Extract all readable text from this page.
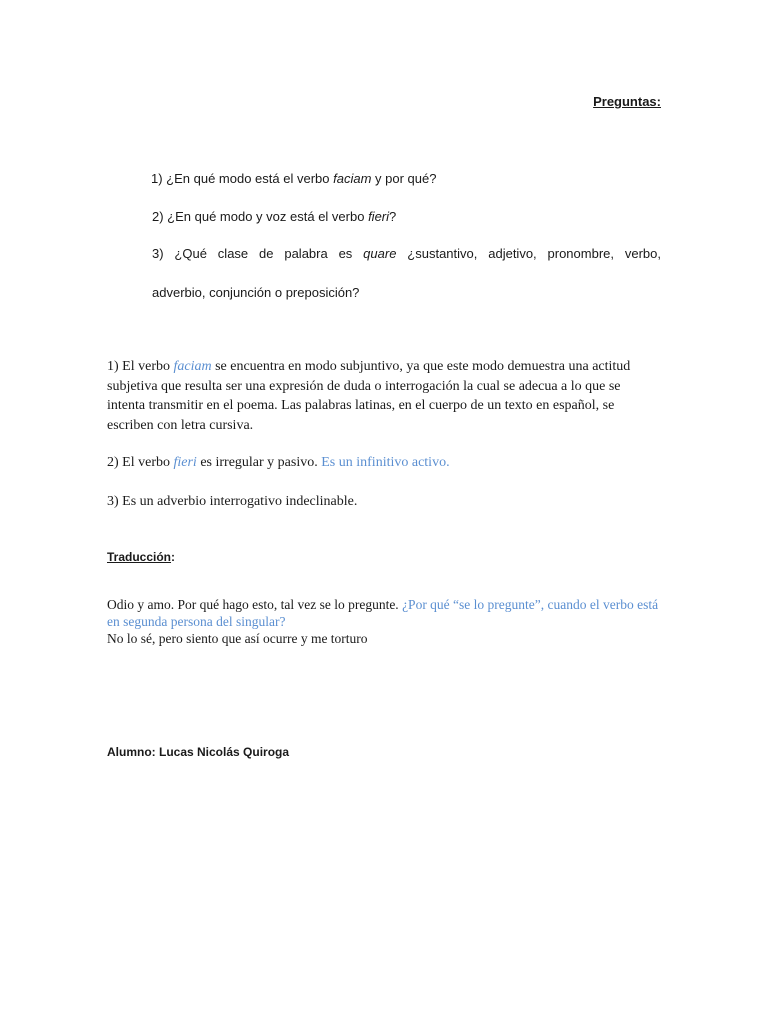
Preguntas:
1) ¿En qué modo está el verbo faciam y por qué?
2) ¿En qué modo y voz está el verbo fieri?
3) ¿Qué clase de palabra es quare ¿sustantivo, adjetivo, pronombre, verbo,
adverbio, conjunción o preposición?
1) El verbo faciam se encuentra en modo subjuntivo, ya que este modo demuestra una actitud subjetiva que resulta ser una expresión de duda o interrogación la cual se adecua a lo que se intenta transmitir en el poema. Las palabras latinas, en el cuerpo de un texto en español, se escriben con letra cursiva.
2) El verbo fieri es irregular y pasivo. Es un infinitivo activo.
3) Es un adverbio interrogativo indeclinable.
Traducción:
Odio y amo. Por qué hago esto, tal vez se lo pregunte. ¿Por qué “se lo pregunte”, cuando el verbo está en segunda persona del singular?
No lo sé, pero siento que así ocurre y me torturo
Alumno: Lucas Nicolás Quiroga
